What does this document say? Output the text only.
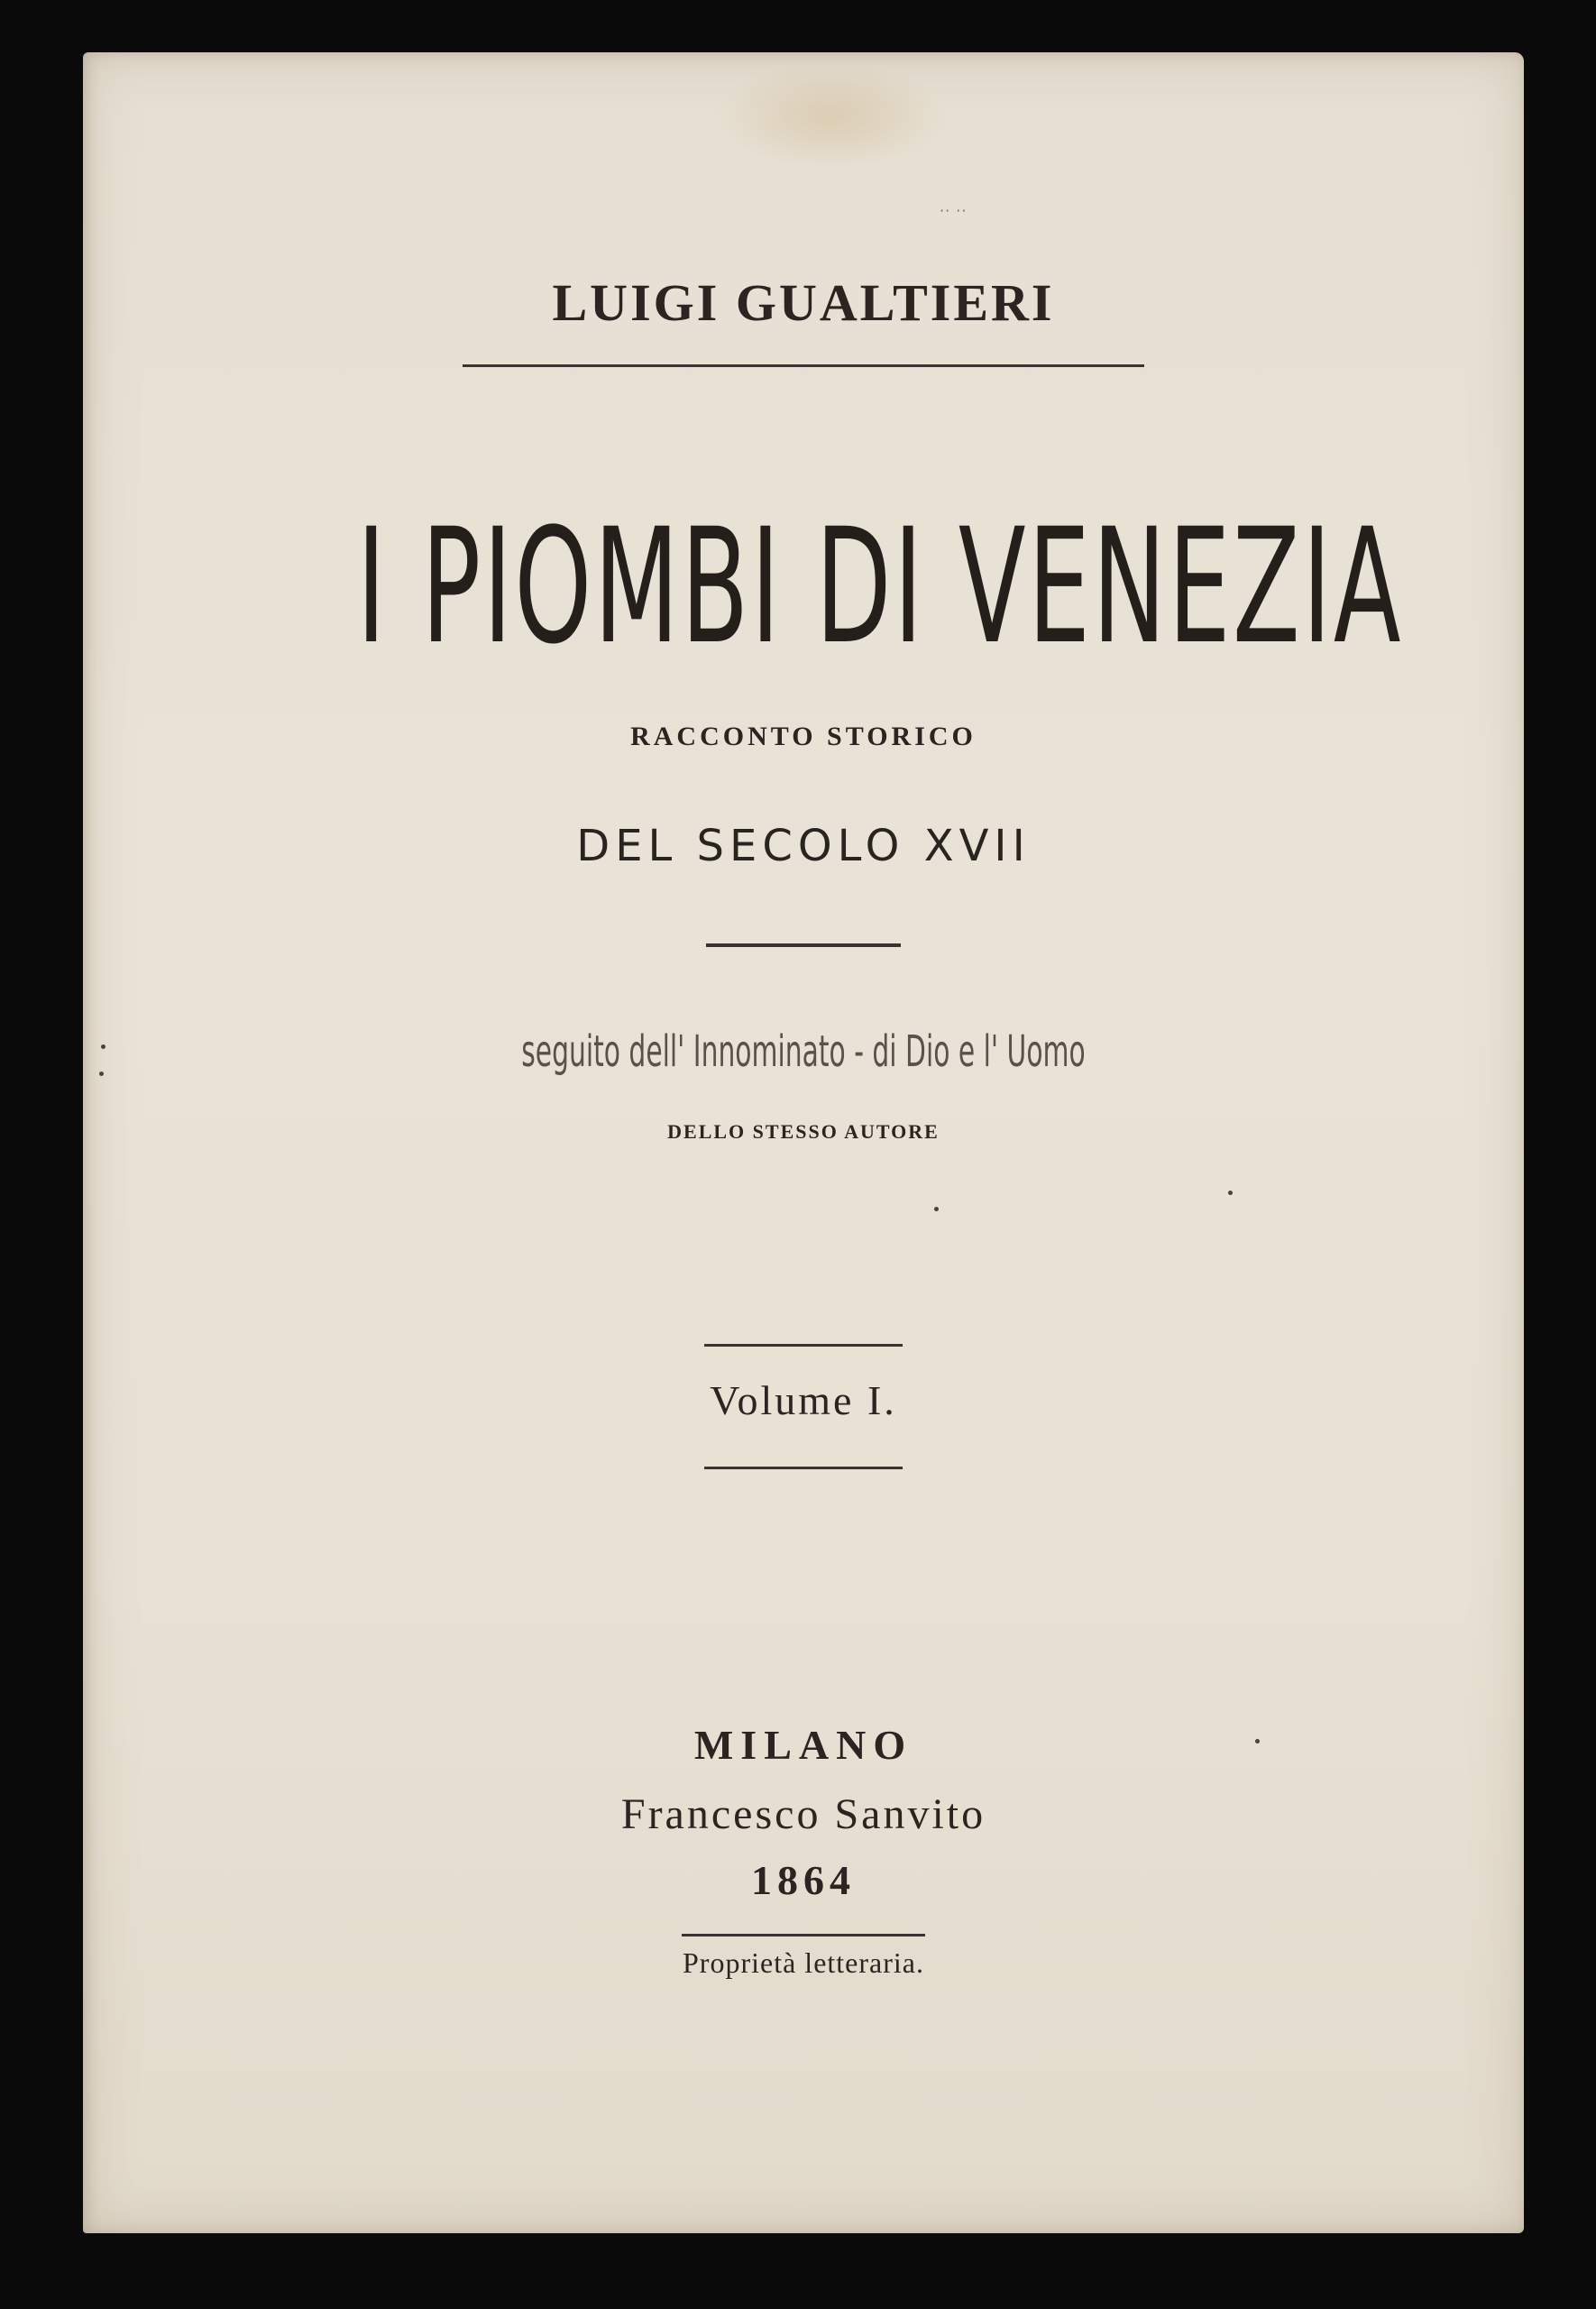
·· ··
LUIGI GUALTIERI
I PIOMBI DI VENEZIA
RACCONTO STORICO
DEL SECOLO XVII
seguito dell' Innominato - di Dio e l' Uomo
DELLO STESSO AUTORE
Volume I.
MILANO
Francesco Sanvito
1864
Proprietà letteraria.
